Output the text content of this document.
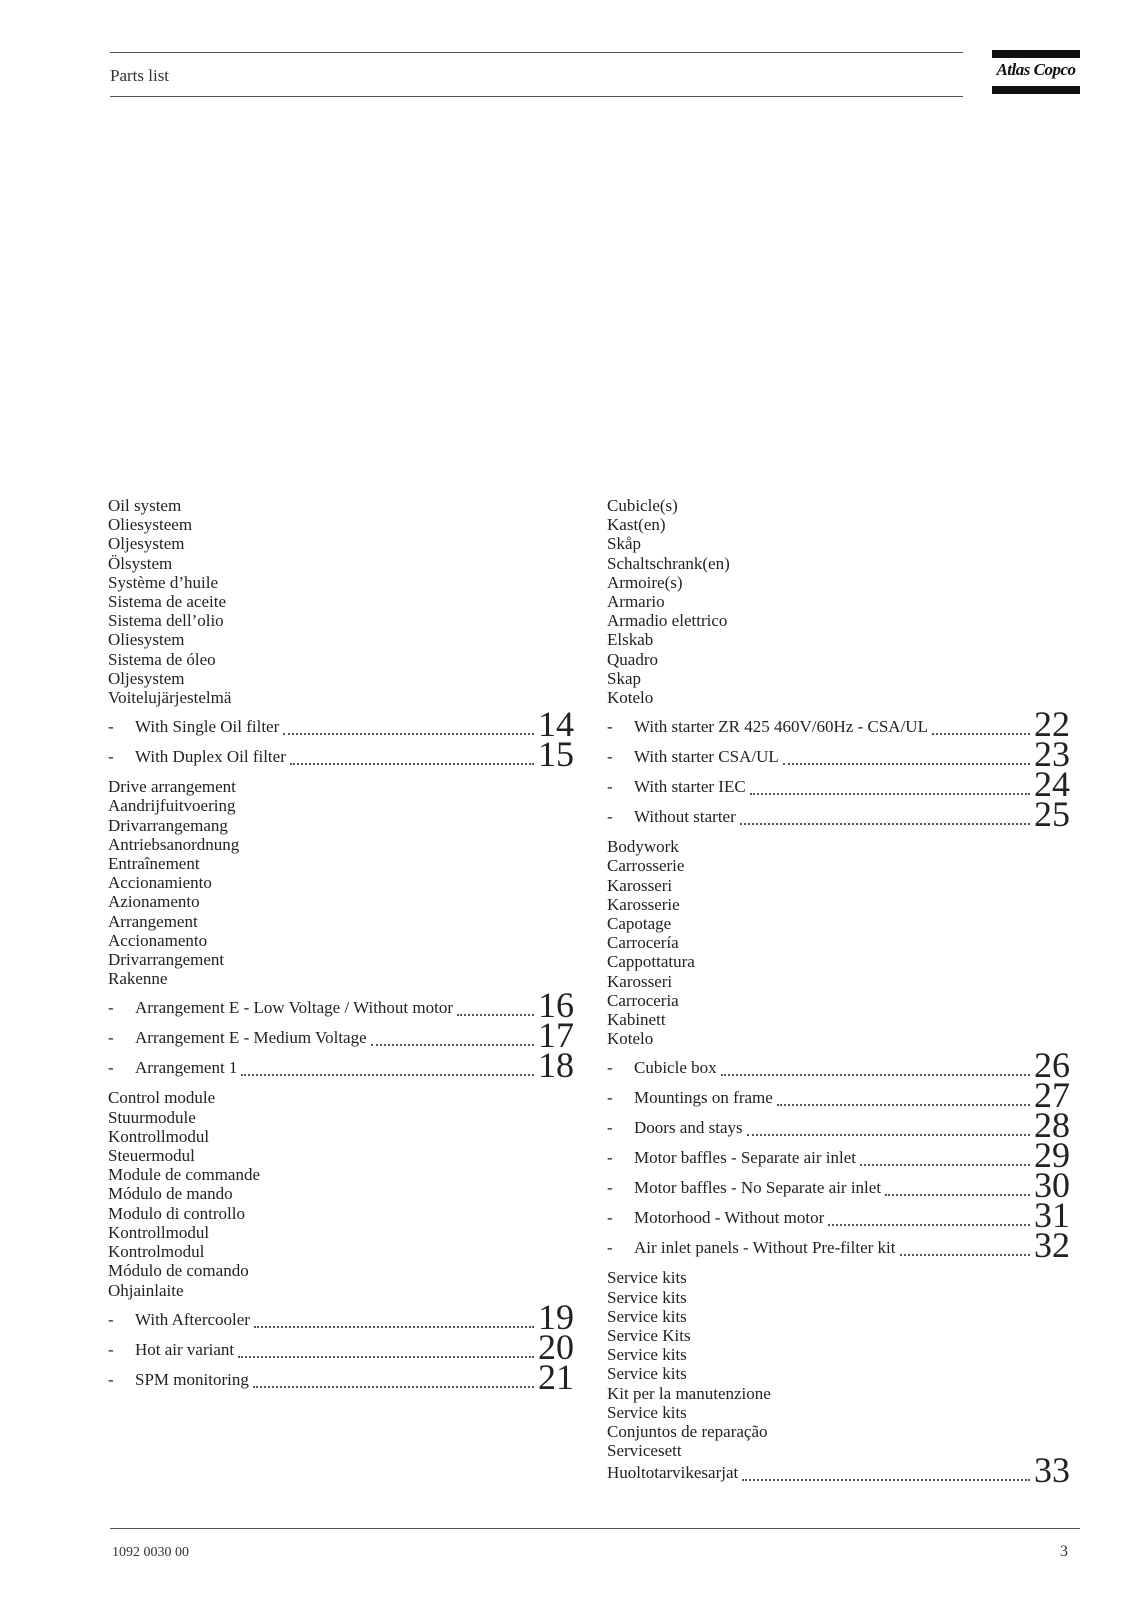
Parts list	Atlas Copco
Oil system
Oliesysteem
Oljesystem
Ölsystem
Système d’huile
Sistema de aceite
Sistema dell’olio
Oliesystem
Sistema de óleo
Oljesystem
Voitelujärjestelmä
-	With Single Oil filter	14
-	With Duplex Oil filter	15
Drive arrangement
Aandrijfuitvoering
Drivarrangemang
Antriebsanordnung
Entraînement
Accionamiento
Azionamento
Arrangement
Accionamento
Drivarrangement
Rakenne
-	Arrangement E - Low Voltage / Without motor 16
-	Arrangement E - Medium Voltage	17
-	Arrangement 1	18
Control module
Stuurmodule
Kontrollmodul
Steuermodul
Module de commande
Módulo de mando
Modulo di controllo
Kontrollmodul
Kontrolmodul
Módulo de comando
Ohjainlaite
-	With Aftercooler	19
-	Hot air variant	20
-	SPM monitoring	21
Cubicle(s)
Kast(en)
Skåp
Schaltschrank(en)
Armoire(s)
Armario
Armadio elettrico
Elskab
Quadro
Skap
Kotelo
-	With starter ZR 425 460V/60Hz - CSA/UL	22
-	With starter CSA/UL	23
-	With starter IEC	24
-	Without starter	25
Bodywork
Carrosserie
Karosseri
Karosserie
Capotage
Carrocería
Cappottatura
Karosseri
Carroceria
Kabinett
Kotelo
-	Cubicle box	26
-	Mountings on frame	27
-	Doors and stays	28
-	Motor baffles - Separate air inlet	29
-	Motor baffles - No Separate air inlet	30
-	Motorhood - Without motor	31
-	Air inlet panels - Without Pre-filter kit	32
Service kits
Service kits
Service kits
Service Kits
Service kits
Service kits
Kit per la manutenzione
Service kits
Conjuntos de reparação
Servicesett
Huoltotarvikesarjat	33
1092 0030 00	3
